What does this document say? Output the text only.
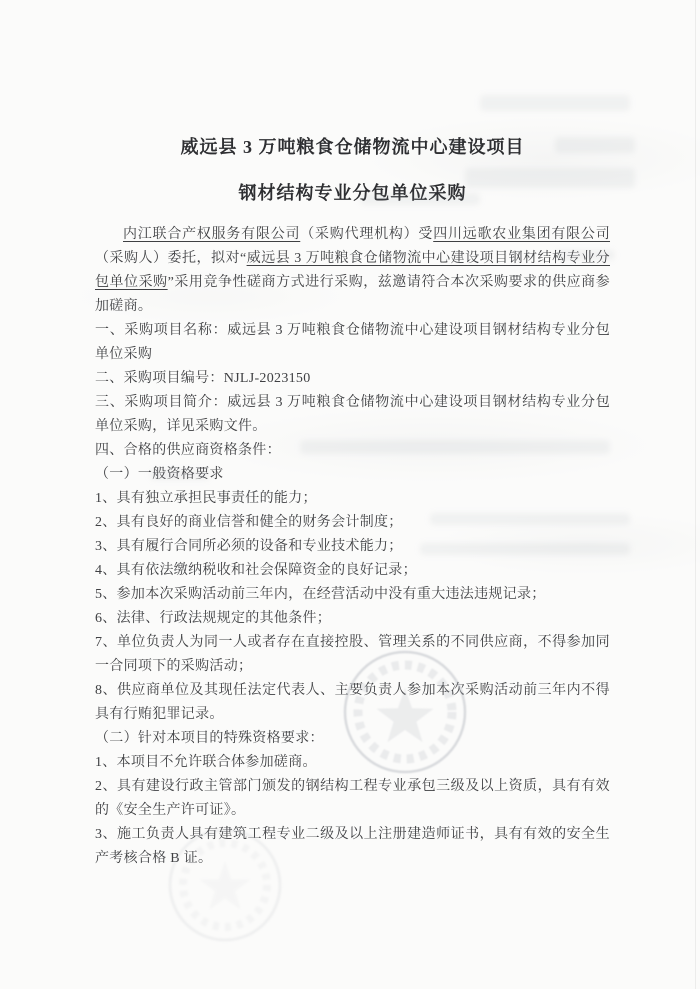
威远县 3 万吨粮食仓储物流中心建设项目

钢材结构专业分包单位采购

内江联合产权服务有限公司（采购代理机构）受四川远歌农业集团有限公司（采购人）委托，拟对“威远县 3 万吨粮食仓储物流中心建设项目钢材结构专业分包单位采购”采用竞争性磋商方式进行采购，兹邀请符合本次采购要求的供应商参加磋商。

一、采购项目名称：威远县 3 万吨粮食仓储物流中心建设项目钢材结构专业分包单位采购

二、采购项目编号：NJLJ-2023150

三、采购项目简介：威远县 3 万吨粮食仓储物流中心建设项目钢材结构专业分包单位采购，详见采购文件。

四、合格的供应商资格条件：

（一）一般资格要求

1、具有独立承担民事责任的能力；

2、具有良好的商业信誉和健全的财务会计制度；

3、具有履行合同所必须的设备和专业技术能力；

4、具有依法缴纳税收和社会保障资金的良好记录；

5、参加本次采购活动前三年内，在经营活动中没有重大违法违规记录；

6、法律、行政法规规定的其他条件；

7、单位负责人为同一人或者存在直接控股、管理关系的不同供应商，不得参加同一合同项下的采购活动；

8、供应商单位及其现任法定代表人、主要负责人参加本次采购活动前三年内不得具有行贿犯罪记录。

（二）针对本项目的特殊资格要求：

1、本项目不允许联合体参加磋商。

2、具有建设行政主管部门颁发的钢结构工程专业承包三级及以上资质，具有有效的《安全生产许可证》。

3、施工负责人具有建筑工程专业二级及以上注册建造师证书，具有有效的安全生产考核合格 B 证。
